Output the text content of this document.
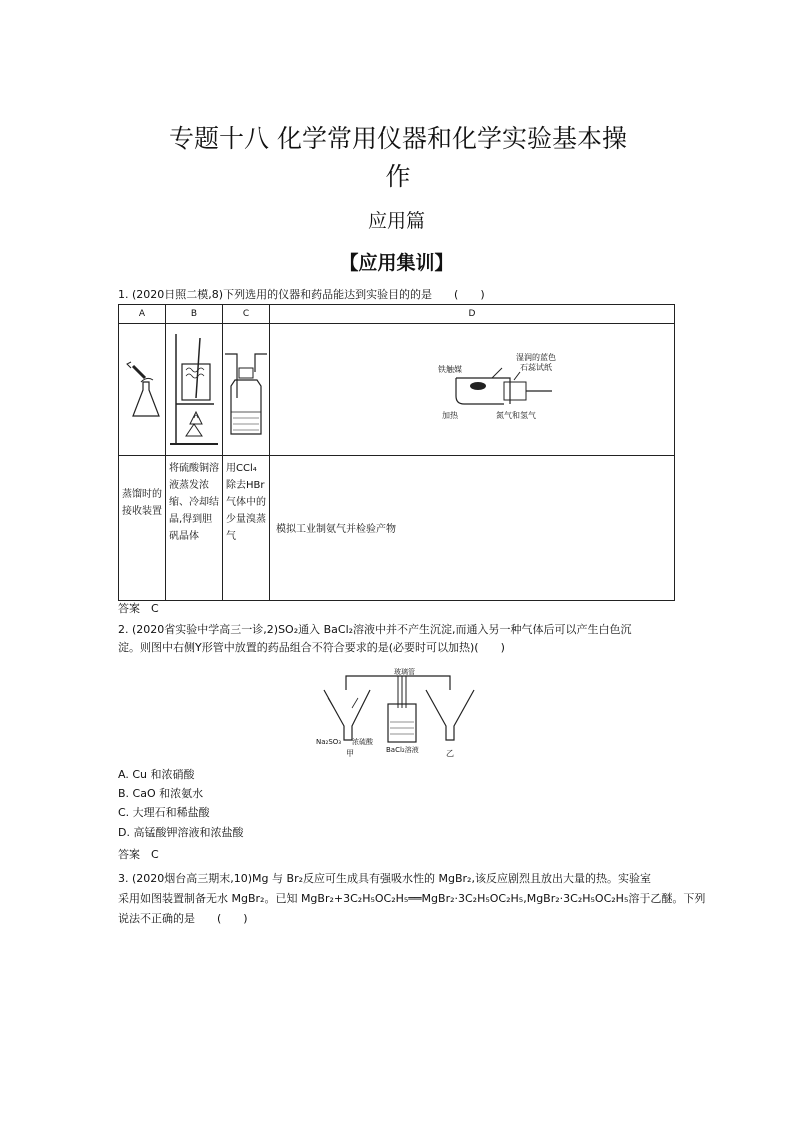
专题十八 化学常用仪器和化学实验基本操
作
应用篇
【应用集训】
1. (2020日照二模,8)下列选用的仪器和药品能达到实验目的的是　　(　　)
A	B	C	D

铁触媒
加热 氮气和氢气
湿润的蓝色
石蕊试纸

蒸馏时的接收装置	将硫酸铜溶液蒸发浓缩、冷却结晶,得到胆矾晶体	用CCl₄除去HBr气体中的少量溴蒸气	模拟工业制氨气并检验产物
答案　C
2. (2020省实验中学高三一诊,2)SO₂通入 BaCl₂溶液中并不产生沉淀,而通入另一种气体后可以产生白色沉
淀。则图中右侧Y形管中放置的药品组合不符合要求的是(必要时可以加热)(　　)
玻璃管
Na₂SO₃ 浓硫酸
BaCl₂溶液
甲	乙
A. Cu 和浓硝酸
B. CaO 和浓氨水
C. 大理石和稀盐酸
D. 高锰酸钾溶液和浓盐酸
答案　C
3. (2020烟台高三期末,10)Mg 与 Br₂反应可生成具有强吸水性的 MgBr₂,该反应剧烈且放出大量的热。实验室
采用如图装置制备无水 MgBr₂。已知 MgBr₂+3C₂H₅OC₂H₅══MgBr₂·3C₂H₅OC₂H₅,MgBr₂·3C₂H₅OC₂H₅溶于乙醚。下列
说法不正确的是　　(　　)
